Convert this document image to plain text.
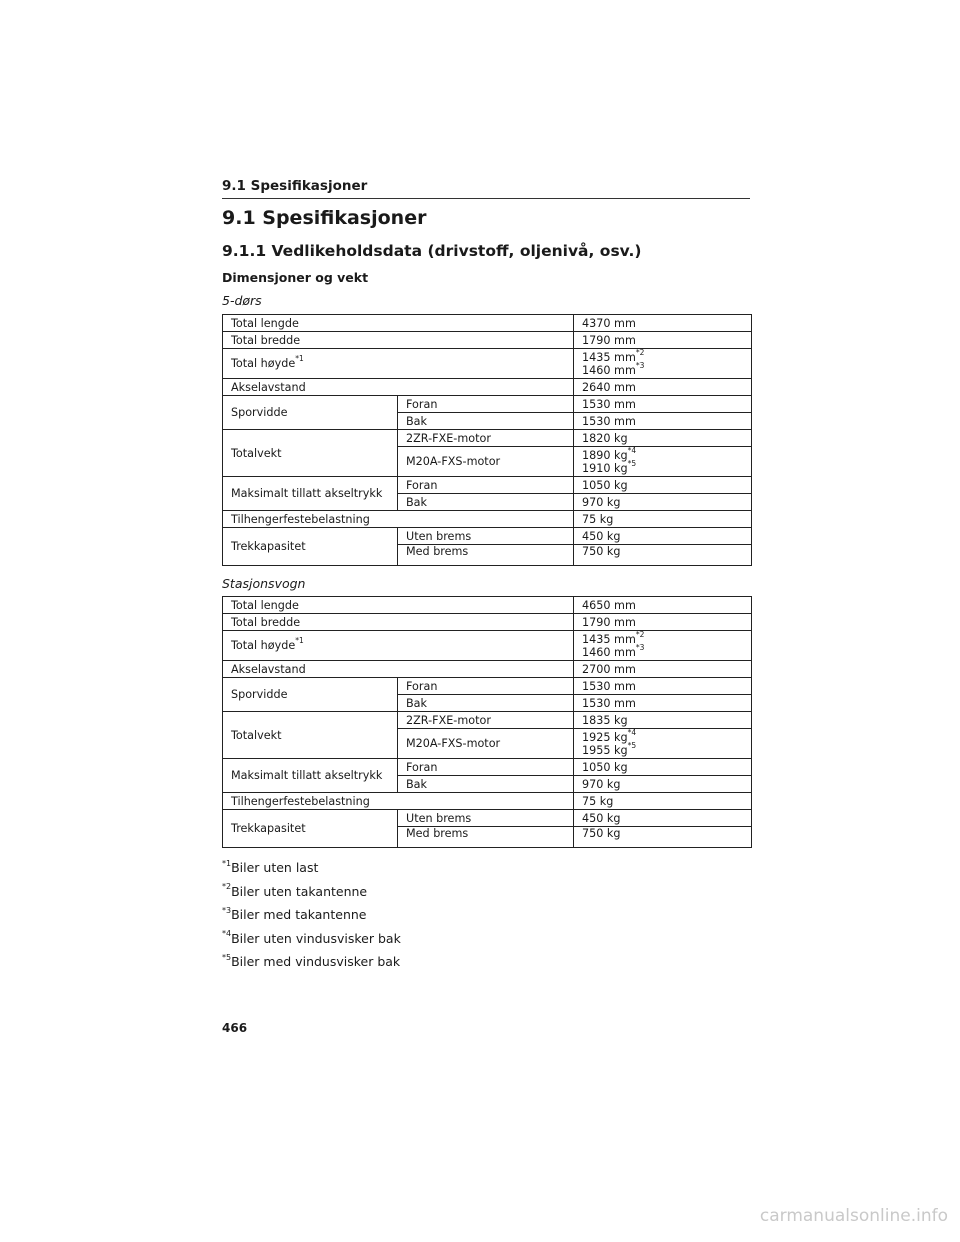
9.1 Spesifikasjoner
9.1 Spesifikasjoner
9.1.1 Vedlikeholdsdata (drivstoff, oljenivå, osv.)
Dimensjoner og vekt
5-dørs
Total lengde		4370 mm
Total bredde		1790 mm
Total høyde$^{*1}$		1435 $mm^{*2}$
1460 $mm^{*3}$
Akselavstand		2640 mm
Sporvidde	Foran	1530 mm
	Bak	1530 mm
Totalvekt	2ZR-FXE-motor	1820 kg
	M20A-FXS-motor	1890 $kg^{*4}$
1910 $kg^{*5}$
Maksimalt tillatt akseltrykk	Foran	1050 kg
	Bak	970 kg
Tilhengerfestebelastning		75 kg
Trekkapasitet	Uten brems	450 kg
	Med brems	750 kg
Stasjonsvogn
Total lengde		4650 mm
Total bredde		1790 mm
Total høyde$^{*1}$		1435 $mm^{*2}$
1460 $mm^{*3}$
Akselavstand		2700 mm
Sporvidde	Foran	1530 mm
	Bak	1530 mm
Totalvekt	2ZR-FXE-motor	1835 kg
	M20A-FXS-motor	1925 $kg^{*4}$
1955 $kg^{*5}$
Maksimalt tillatt akseltrykk	Foran	1050 kg
	Bak	970 kg
Tilhengerfestebelastning		75 kg
Trekkapasitet	Uten brems	450 kg
	Med brems	750 kg
$^{*1}$Biler uten last
$^{*2}$Biler uten takantenne
$^{*3}$Biler med takantenne
$^{*4}$Biler uten vindusvisker bak
$^{*5}$Biler med vindusvisker bak
466
carmanualsonline.info
